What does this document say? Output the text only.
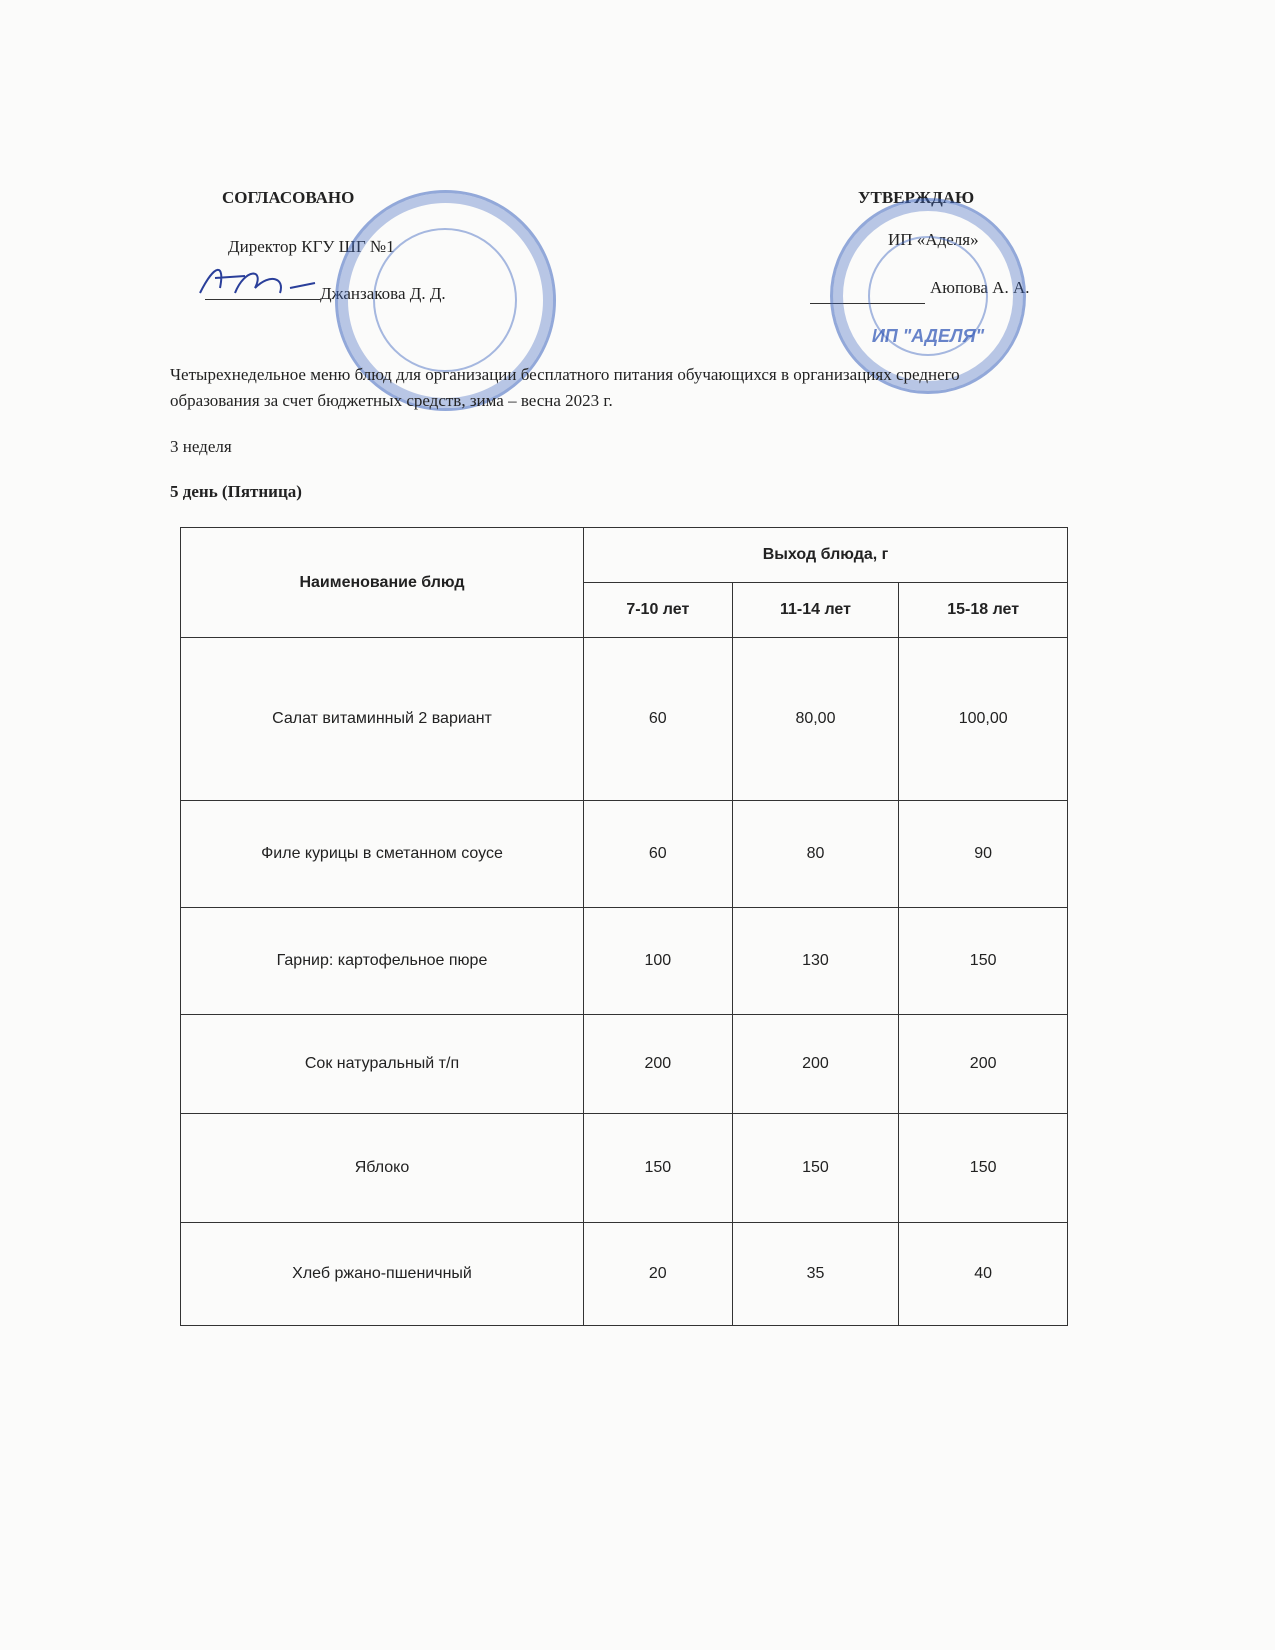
СОГЛАСОВАНО
Директор КГУ ШГ №1
Джанзакова Д. Д.
УТВЕРЖДАЮ
ИП «Аделя»
Аюпова А. А.
ИП "АДЕЛЯ"
Четырехнедельное меню блюд для организации бесплатного питания обучающихся в организациях среднего
образования за счет бюджетных средств, зима – весна 2023 г.
3 неделя
5 день (Пятница)
Наименование блюд	Выход блюда, г		
	7-10 лет	11-14 лет	15-18 лет
Салат витаминный 2 вариант	60	80,00	100,00
Филе курицы в сметанном соусе	60	80	90
Гарнир: картофельное пюре	100	130	150
Сок натуральный т/п	200	200	200
Яблоко	150	150	150
Хлеб ржано-пшеничный	20	35	40
